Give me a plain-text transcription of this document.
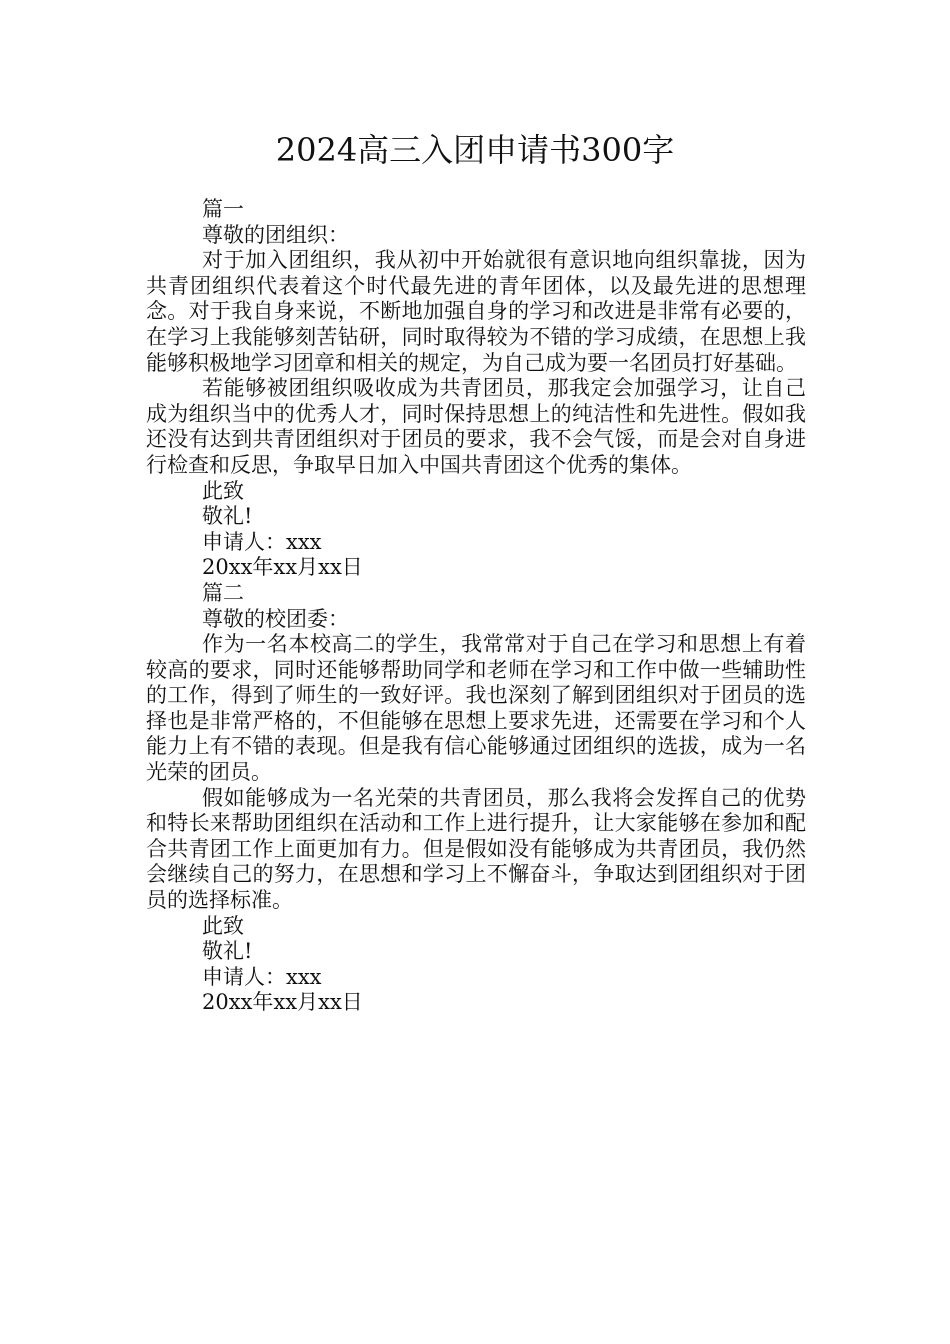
2024高三入团申请书300字

篇一

尊敬的团组织：

对于加入团组织，我从初中开始就很有意识地向组织靠拢，因为共青团组织代表着这个时代最先进的青年团体，以及最先进的思想理念。对于我自身来说，不断地加强自身的学习和改进是非常有必要的，在学习上我能够刻苦钻研，同时取得较为不错的学习成绩，在思想上我能够积极地学习团章和相关的规定，为自己成为要一名团员打好基础。

若能够被团组织吸收成为共青团员，那我定会加强学习，让自己成为组织当中的优秀人才，同时保持思想上的纯洁性和先进性。假如我还没有达到共青团组织对于团员的要求，我不会气馁，而是会对自身进行检查和反思，争取早日加入中国共青团这个优秀的集体。

此致

敬礼!

申请人：xxx

20xx年xx月xx日

篇二

尊敬的校团委：

作为一名本校高二的学生，我常常对于自己在学习和思想上有着较高的要求，同时还能够帮助同学和老师在学习和工作中做一些辅助性的工作，得到了师生的一致好评。我也深刻了解到团组织对于团员的选择也是非常严格的，不但能够在思想上要求先进，还需要在学习和个人能力上有不错的表现。但是我有信心能够通过团组织的选拔，成为一名光荣的团员。

假如能够成为一名光荣的共青团员，那么我将会发挥自己的优势和特长来帮助团组织在活动和工作上进行提升，让大家能够在参加和配合共青团工作上面更加有力。但是假如没有能够成为共青团员，我仍然会继续自己的努力，在思想和学习上不懈奋斗，争取达到团组织对于团员的选择标准。

此致

敬礼!

申请人：xxx

20xx年xx月xx日
